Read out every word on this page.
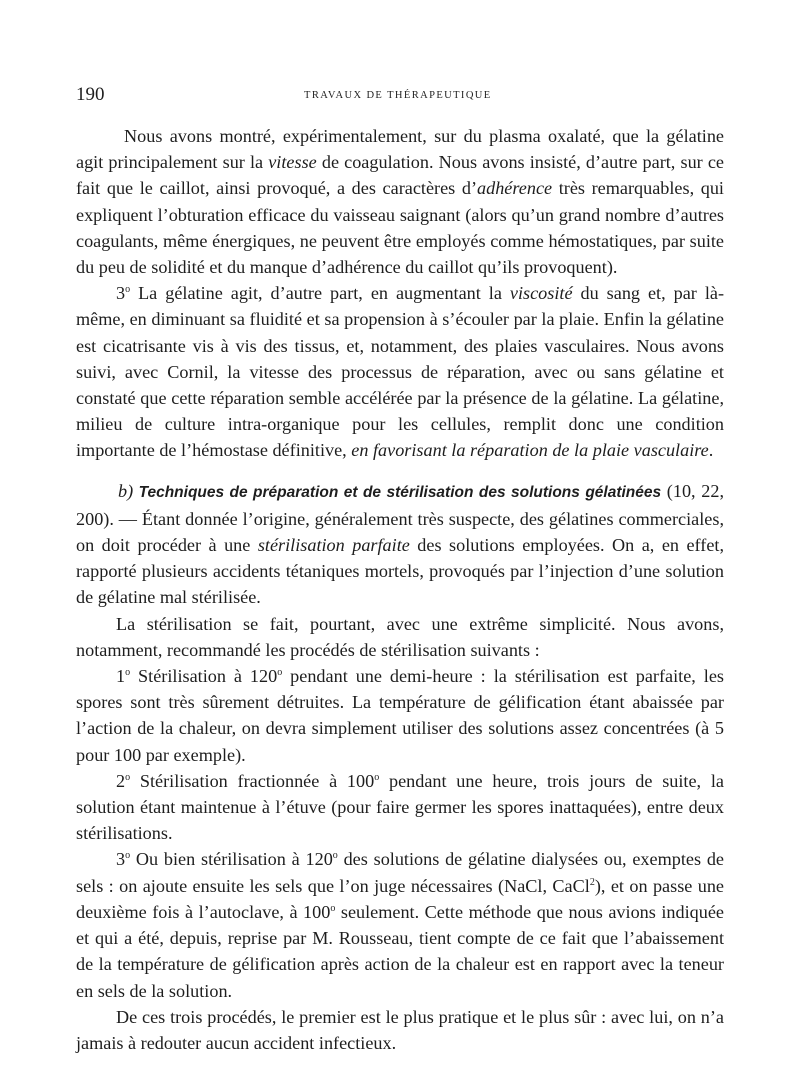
190	TRAVAUX DE THÉRAPEUTIQUE

Nous avons montré, expérimentalement, sur du plasma oxalaté, que la gélatine agit principalement sur la vitesse de coagulation. Nous avons insisté, d’autre part, sur ce fait que le caillot, ainsi provoqué, a des caractères d’adhérence très remarquables, qui expliquent l’obturation efficace du vaisseau saignant (alors qu’un grand nombre d’autres coagulants, même énergiques, ne peuvent être employés comme hémostatiques, par suite du peu de solidité et du manque d’adhérence du caillot qu’ils provoquent).

3$^o$ La gélatine agit, d’autre part, en augmentant la viscosité du sang et, par là-même, en diminuant sa fluidité et sa propension à s’écouler par la plaie. Enfin la gélatine est cicatrisante vis à vis des tissus, et, notamment, des plaies vasculaires. Nous avons suivi, avec Cornil, la vitesse des processus de réparation, avec ou sans gélatine et constaté que cette réparation semble accélérée par la présence de la gélatine. La gélatine, milieu de culture intra-organique pour les cellules, remplit donc une condition importante de l’hémostase définitive, en favorisant la réparation de la plaie vasculaire.

b) Techniques de préparation et de stérilisation des solutions gélatinées (10, 22, 200). — Étant donnée l’origine, généralement très suspecte, des gélatines commerciales, on doit procéder à une stérilisation parfaite des solutions employées. On a, en effet, rapporté plusieurs accidents tétaniques mortels, provoqués par l’injection d’une solution de gélatine mal stérilisée.

La stérilisation se fait, pourtant, avec une extrême simplicité. Nous avons, notamment, recommandé les procédés de stérilisation suivants :

1$^o$ Stérilisation à 120$^o$ pendant une demi-heure : la stérilisation est parfaite, les spores sont très sûrement détruites. La température de gélification étant abaissée par l’action de la chaleur, on devra simplement utiliser des solutions assez concentrées (à 5 pour 100 par exemple).

2$^o$ Stérilisation fractionnée à 100$^o$ pendant une heure, trois jours de suite, la solution étant maintenue à l’étuve (pour faire germer les spores inattaquées), entre deux stérilisations.

3$^o$ Ou bien stérilisation à 120$^o$ des solutions de gélatine dialysées ou, exemptes de sels : on ajoute ensuite les sels que l’on juge nécessaires (NaCl, CaCl$^2$), et on passe une deuxième fois à l’autoclave, à 100$^o$ seulement. Cette méthode que nous avions indiquée et qui a été, depuis, reprise par M. Rousseau, tient compte de ce fait que l’abaissement de la température de gélification après action de la chaleur est en rapport avec la teneur en sels de la solution.

De ces trois procédés, le premier est le plus pratique et le plus sûr : avec lui, on n’a jamais à redouter aucun accident infectieux.
